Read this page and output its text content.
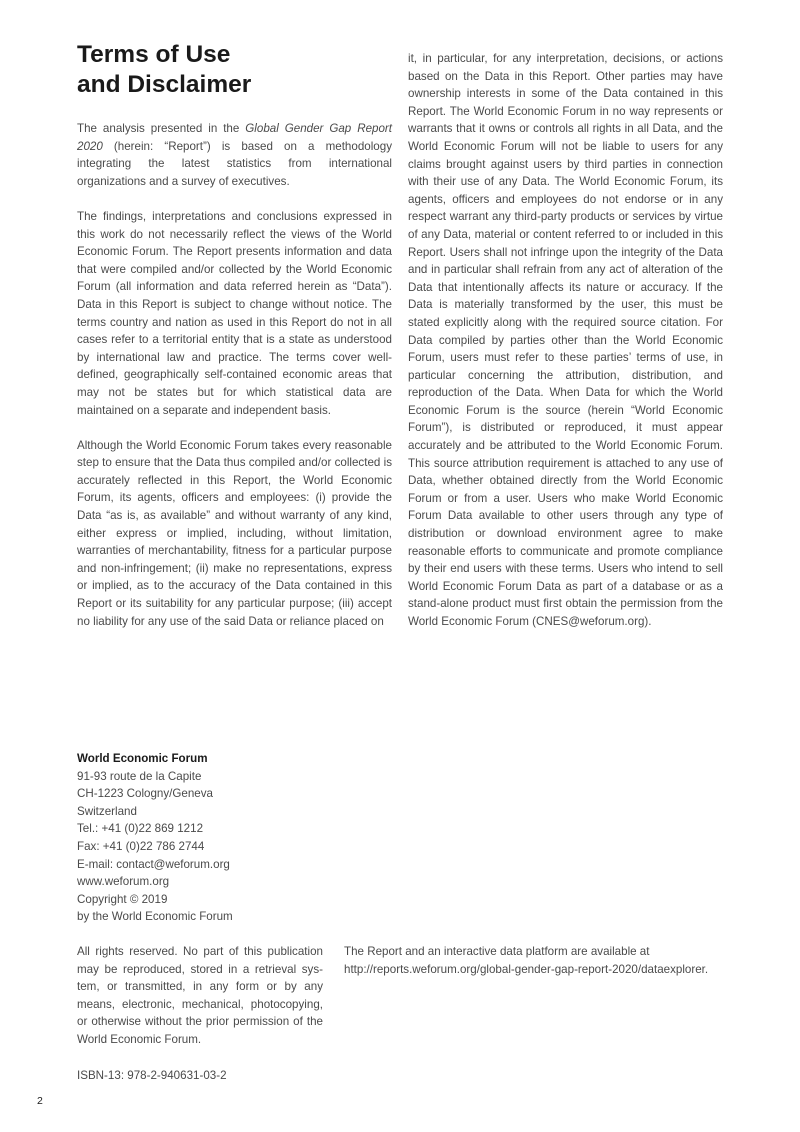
Terms of Use
and Disclaimer

The analysis presented in the Global Gender Gap Report 2020 (herein: “Report”) is based on a methodology integrating the latest statistics from international organizations and a survey of executives.

The findings, interpretations and conclusions expressed in this work do not necessarily reflect the views of the World Economic Forum. The Report presents information and data that were compiled and/or collected by the World Economic Forum (all information and data referred herein as “Data”). Data in this Report is subject to change without notice. The terms country and nation as used in this Report do not in all cases refer to a territorial entity that is a state as understood by international law and practice. The terms cover well-defined, geographically self-contained economic areas that may not be states but for which statistical data are maintained on a separate and independent basis.

Although the World Economic Forum takes every reasonable step to ensure that the Data thus compiled and/or collected is accurately reflected in this Report, the World Economic Forum, its agents, officers and employees: (i) provide the Data “as is, as available” and without warranty of any kind, either express or implied, including, without limitation, warranties of merchantability, fitness for a particular purpose and non-infringement; (ii) make no representations, express or implied, as to the accuracy of the Data contained in this Report or its suitability for any particular purpose; (iii) accept no liability for any use of the said Data or reliance placed on

it, in particular, for any interpretation, decisions, or actions based on the Data in this Report. Other parties may have ownership interests in some of the Data contained in this Report. The World Economic Forum in no way represents or warrants that it owns or controls all rights in all Data, and the World Economic Forum will not be liable to users for any claims brought against users by third parties in connection with their use of any Data. The World Economic Forum, its agents, officers and employees do not endorse or in any respect warrant any third-party products or services by virtue of any Data, material or content referred to or included in this Report. Users shall not infringe upon the integrity of the Data and in particular shall refrain from any act of alteration of the Data that intentionally affects its nature or accuracy. If the Data is materially transformed by the user, this must be stated explicitly along with the required source citation. For Data compiled by parties other than the World Economic Forum, users must refer to these parties’ terms of use, in particular concerning the attribution, distribution, and reproduction of the Data. When Data for which the World Economic Forum is the source (herein “World Economic Forum”), is distributed or reproduced, it must appear accurately and be attributed to the World Economic Forum. This source attribution requirement is attached to any use of Data, whether obtained directly from the World Economic Forum or from a user. Users who make World Economic Forum Data available to other users through any type of distribution or download environment agree to make reasonable efforts to communicate and promote compliance by their end users with these terms. Users who intend to sell World Economic Forum Data as part of a database or as a stand-alone product must first obtain the permission from the World Economic Forum (CNES@weforum.org).

World Economic Forum
91-93 route de la Capite
CH-1223 Cologny/Geneva
Switzerland
Tel.: +41 (0)22 869 1212
Fax: +41 (0)22 786 2744
E-mail: contact@weforum.org
www.weforum.org
Copyright © 2019
by the World Economic Forum

All rights reserved. No part of this publication may be reproduced, stored in a retrieval system, or transmitted, in any form or by any means, electronic, mechanical, photocopying, or otherwise without the prior permission of the World Economic Forum.

The Report and an interactive data platform are available at http://reports.weforum.org/global-gender-gap-report-2020/dataexplorer.

ISBN-13: 978-2-940631-03-2

2
